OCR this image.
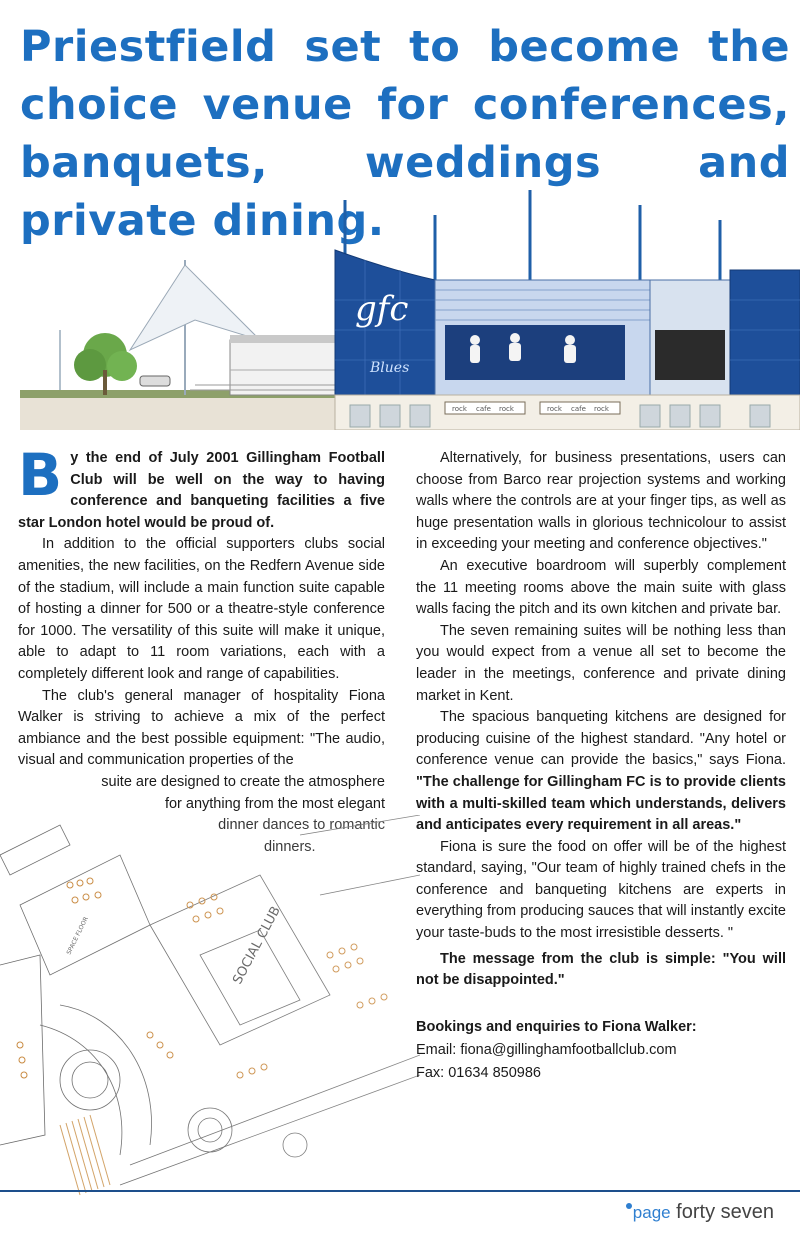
Priestfield set to become the choice venue for conferences, banquets, weddings and private dining.
gfc
Blues
rock cafe rock	rock cafe rock

By the end of July 2001 Gillingham Football Club will be well on the way to having conference and banqueting facilities a five star London hotel would be proud of.

In addition to the official supporters clubs social amenities, the new facilities, on the Redfern Avenue side of the stadium, will include a main function suite capable of hosting a dinner for 500 or a theatre-style conference for 1000. The versatility of this suite will make it unique, able to adapt to 11 room variations, each with a completely different look and range of capabilities.

The club's general manager of hospitality Fiona Walker is striving to achieve a mix of the perfect ambiance and the best possible equipment: "The audio, visual and communication properties of the

suite are designed to create the atmosphere

for anything from the most elegant

Alternatively, for business presentations, users can choose from Barco rear projection systems and working walls where the controls are at your finger tips, as well as huge presentation walls in glorious technicolour to assist in exceeding your meeting and conference objectives."

An executive boardroom will superbly complement the 11 meeting rooms above the main suite with glass walls facing the pitch and its own kitchen and private bar.

The seven remaining suites will be nothing less than you would expect from a venue all set to become the leader in the meetings, conference and private dining market in Kent.

The spacious banqueting kitchens are designed for producing cuisine of the highest standard. "Any hotel or conference venue can provide the basics," says Fiona. "The challenge for Gillingham FC is to provide clients with a multi-skilled team which understands, delivers and anticipates every requirement in all areas."

Fiona is sure the food on offer will be of the highest standard, saying, "Our team of highly trained chefs in the conference and banqueting kitchens are experts in everything from producing sauces that will instantly excite your taste-buds to the most irresistible desserts. "

The message from the club is simple: "You will not be disappointed."

Bookings and enquiries to Fiona Walker:
Email: fiona@gillinghamfootballclub.com
Fax: 01634 850986
page forty seven
